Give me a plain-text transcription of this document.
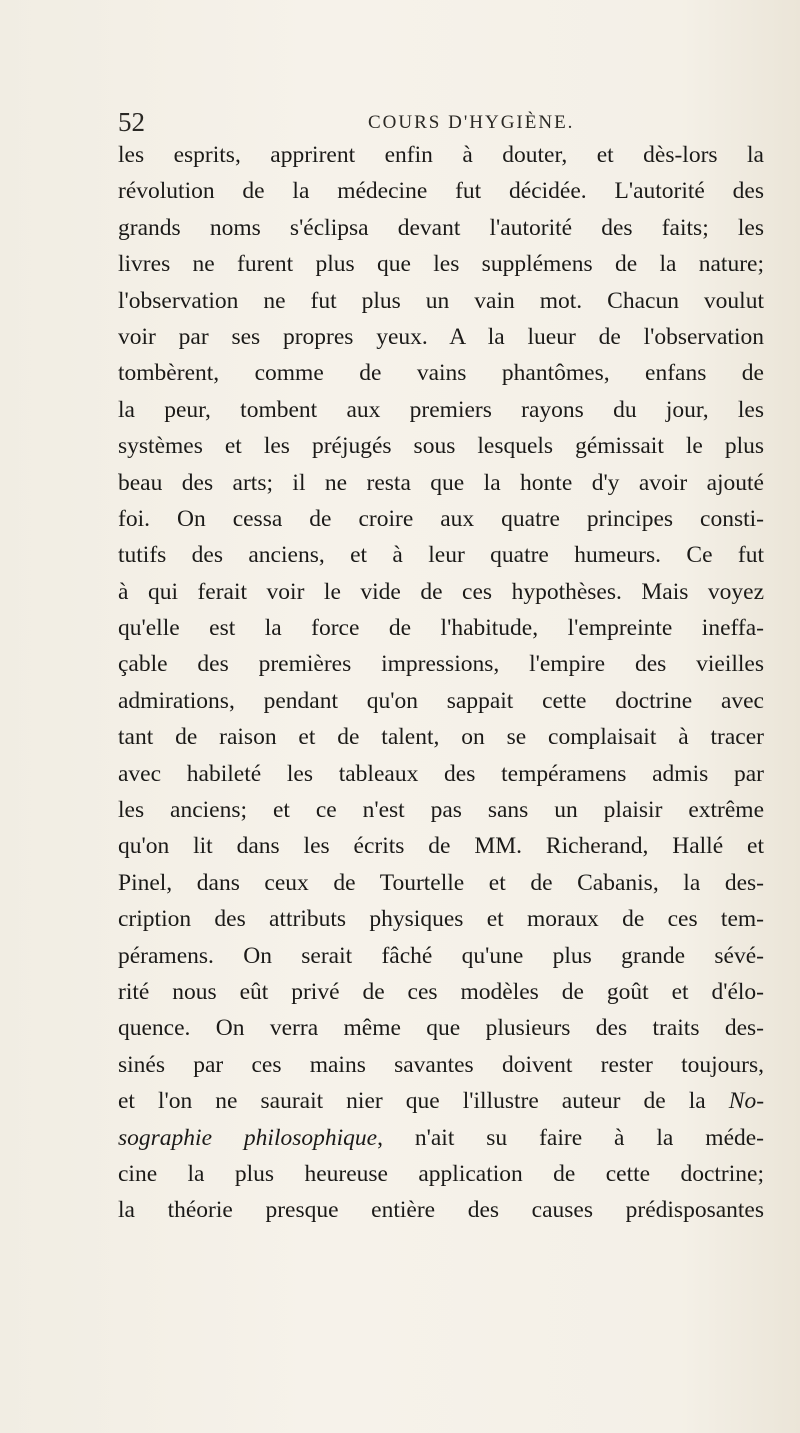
52	COURS D'HYGIÈNE.
les esprits, apprirent enfin à douter, et dès-lors la
révolution de la médecine fut décidée. L'autorité des
grands noms s'éclipsa devant l'autorité des faits; les
livres ne furent plus que les supplémens de la nature;
l'observation ne fut plus un vain mot. Chacun voulut
voir par ses propres yeux. A la lueur de l'observation
tombèrent, comme de vains phantômes, enfans de
la peur, tombent aux premiers rayons du jour, les
systèmes et les préjugés sous lesquels gémissait le plus
beau des arts; il ne resta que la honte d'y avoir ajouté
foi. On cessa de croire aux quatre principes consti-
tutifs des anciens, et à leur quatre humeurs. Ce fut
à qui ferait voir le vide de ces hypothèses. Mais voyez
qu'elle est la force de l'habitude, l'empreinte ineffa-
çable des premières impressions, l'empire des vieilles
admirations, pendant qu'on sappait cette doctrine avec
tant de raison et de talent, on se complaisait à tracer
avec habileté les tableaux des tempéramens admis par
les anciens; et ce n'est pas sans un plaisir extrême
qu'on lit dans les écrits de MM. Richerand, Hallé et
Pinel, dans ceux de Tourtelle et de Cabanis, la des-
cription des attributs physiques et moraux de ces tem-
péramens. On serait fâché qu'une plus grande sévé-
rité nous eût privé de ces modèles de goût et d'élo-
quence. On verra même que plusieurs des traits des-
sinés par ces mains savantes doivent rester toujours,
et l'on ne saurait nier que l'illustre auteur de la No-
sographie philosophique, n'ait su faire à la méde-
cine la plus heureuse application de cette doctrine;
la théorie presque entière des causes prédisposantes
